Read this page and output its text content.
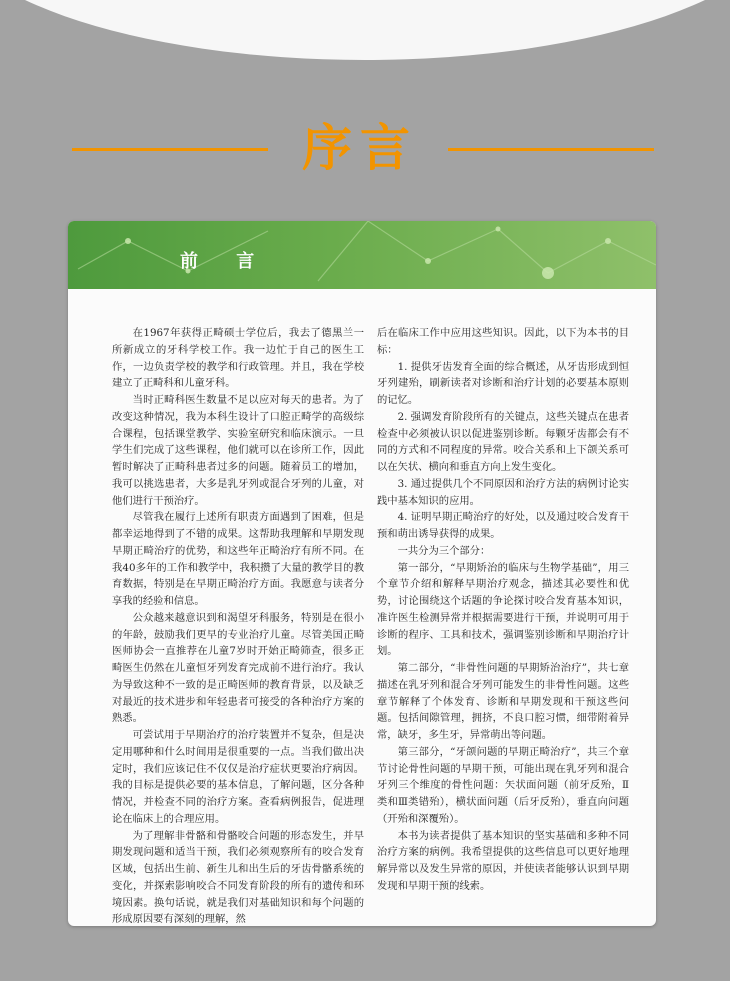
序言
前 言

在1967年获得正畸硕士学位后，我去了德黑兰一所新成立的牙科学校工作。我一边忙于自己的医生工作，一边负责学校的教学和行政管理。并且，我在学校建立了正畸科和儿童牙科。

当时正畸科医生数量不足以应对每天的患者。为了改变这种情况，我为本科生设计了口腔正畸学的高级综合课程，包括课堂教学、实验室研究和临床演示。一旦学生们完成了这些课程，他们就可以在诊所工作，因此暂时解决了正畸科患者过多的问题。随着员工的增加，我可以挑选患者，大多是乳牙列或混合牙列的儿童，对他们进行干预治疗。

尽管我在履行上述所有职责方面遇到了困难，但是都幸运地得到了不错的成果。这帮助我理解和早期发现早期正畸治疗的优势，和这些年正畸治疗有所不同。在我40多年的工作和教学中，我积攒了大量的教学目的教育数据，特别是在早期正畸治疗方面。我愿意与读者分享我的经验和信息。

公众越来越意识到和渴望牙科服务，特别是在很小的年龄，鼓励我们更早的专业治疗儿童。尽管美国正畸医师协会一直推荐在儿童7岁时开始正畸筛查，很多正畸医生仍然在儿童恒牙列发育完成前不进行治疗。我认为导致这种不一致的是正畸医师的教育背景，以及缺乏对最近的技术进步和年轻患者可接受的各种治疗方案的熟悉。

可尝试用于早期治疗的治疗装置并不复杂，但是决定用哪种和什么时间用是很重要的一点。当我们做出决定时，我们应该记住不仅仅是治疗症状更要治疗病因。我的目标是提供必要的基本信息，了解问题，区分各种情况，并检查不同的治疗方案。查看病例报告，促进理论在临床上的合理应用。

为了理解非骨骼和骨骼咬合问题的形态发生，并早期发现问题和适当干预，我们必须观察所有的咬合发育区域，包括出生前、新生儿和出生后的牙齿骨骼系统的变化，并探索影响咬合不同发育阶段的所有的遗传和环境因素。换句话说，就是我们对基础知识和每个问题的形成原因要有深刻的理解，然

后在临床工作中应用这些知识。因此，以下为本书的目标：

1. 提供牙齿发育全面的综合概述，从牙齿形成到恒牙列建殆，刷新读者对诊断和治疗计划的必要基本原则的记忆。

2. 强调发育阶段所有的关键点，这些关键点在患者检查中必须被认识以促进鉴别诊断。每颗牙齿都会有不同的方式和不同程度的异常。咬合关系和上下颌关系可以在矢状、横向和垂直方向上发生变化。

3. 通过提供几个不同原因和治疗方法的病例讨论实践中基本知识的应用。

4. 证明早期正畸治疗的好处，以及通过咬合发育干预和萌出诱导获得的成果。

一共分为三个部分：

第一部分，“早期矫治的临床与生物学基础”，用三个章节介绍和解释早期治疗观念，描述其必要性和优势，讨论围绕这个话题的争论探讨咬合发育基本知识，准许医生检测异常并根据需要进行干预，并说明可用于诊断的程序、工具和技术，强调鉴别诊断和早期治疗计划。

第二部分，“非骨性问题的早期矫治治疗”，共七章描述在乳牙列和混合牙列可能发生的非骨性问题。这些章节解释了个体发育、诊断和早期发现和干预这些问题。包括间隙管理，拥挤，不良口腔习惯，细带附着异常，缺牙，多生牙，异常萌出等问题。

第三部分，“牙颌问题的早期正畸治疗”，共三个章节讨论骨性问题的早期干预，可能出现在乳牙列和混合牙列三个维度的骨性问题：矢状面问题（前牙反殆，Ⅱ类和Ⅲ类错殆），横状面问题（后牙反殆），垂直向问题（开殆和深覆殆）。

本书为读者提供了基本知识的坚实基础和多种不同治疗方案的病例。我希望提供的这些信息可以更好地理解异常以及发生异常的原因，并使读者能够认识到早期发现和早期干预的线索。
